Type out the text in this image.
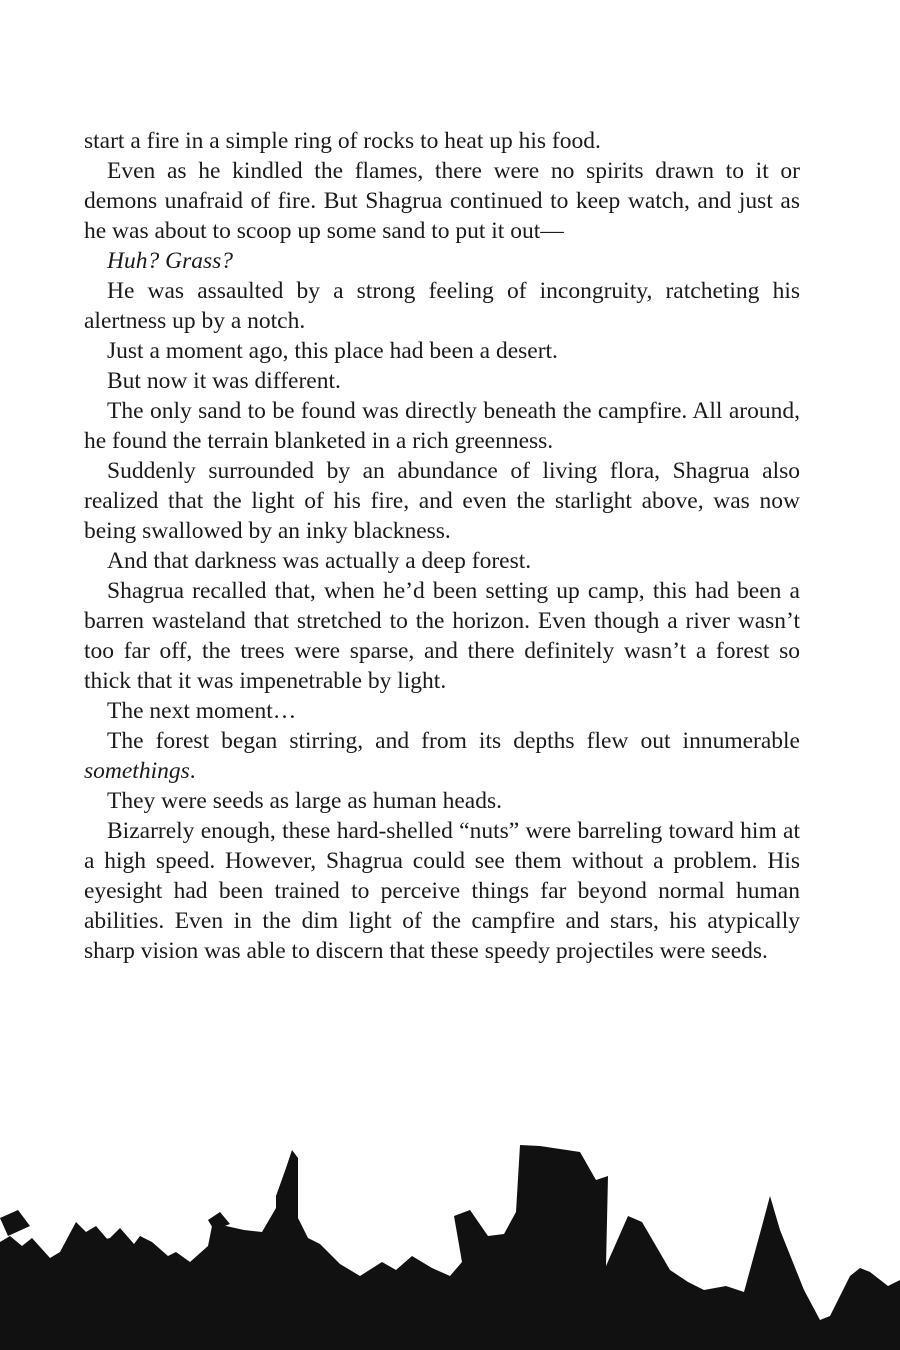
start a fire in a simple ring of rocks to heat up his food.

Even as he kindled the flames, there were no spirits drawn to it or demons unafraid of fire. But Shagrua continued to keep watch, and just as he was about to scoop up some sand to put it out—

Huh? Grass?

He was assaulted by a strong feeling of incongruity, ratcheting his alertness up by a notch.

Just a moment ago, this place had been a desert.

But now it was different.

The only sand to be found was directly beneath the campfire. All around, he found the terrain blanketed in a rich greenness.

Suddenly surrounded by an abundance of living flora, Shagrua also realized that the light of his fire, and even the starlight above, was now being swallowed by an inky blackness.

And that darkness was actually a deep forest.

Shagrua recalled that, when he’d been setting up camp, this had been a barren wasteland that stretched to the horizon. Even though a river wasn’t too far off, the trees were sparse, and there definitely wasn’t a forest so thick that it was impenetrable by light.

The next moment…

The forest began stirring, and from its depths flew out innumerable somethings.

They were seeds as large as human heads.

Bizarrely enough, these hard-shelled “nuts” were barreling toward him at a high speed. However, Shagrua could see them without a problem. His eyesight had been trained to perceive things far beyond normal human abilities. Even in the dim light of the campfire and stars, his atypically sharp vision was able to discern that these speedy projectiles were seeds.
